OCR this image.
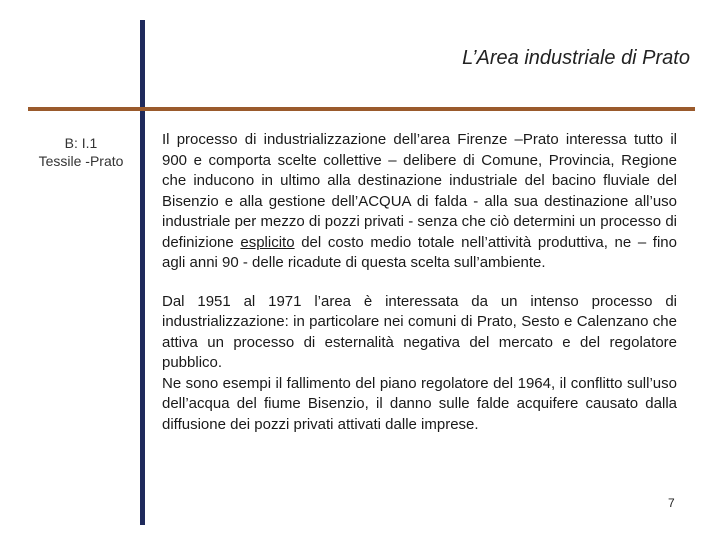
L’Area industriale di Prato
B: I.1
Tessile -Prato

Il processo di industrializzazione dell’area Firenze –Prato interessa tutto il 900 e comporta scelte collettive – delibere di Comune, Provincia, Regione che inducono in ultimo alla destinazione industriale del bacino fluviale del Bisenzio e alla gestione dell’ACQUA di falda - alla sua destinazione all’uso industriale per mezzo di pozzi privati - senza che ciò determini un processo di definizione esplicito del costo medio totale nell’attività produttiva, ne – fino agli anni 90 - delle ricadute di questa scelta sull’ambiente.

Dal 1951 al 1971 l’area è interessata da un intenso processo di industrializzazione: in particolare nei comuni di Prato, Sesto e Calenzano che attiva un processo di esternalità negativa del mercato e del regolatore pubblico.

Ne sono esempi il fallimento del piano regolatore del 1964, il conflitto sull’uso dell’acqua del fiume Bisenzio, il danno sulle falde acquifere causato dalla diffusione dei pozzi privati attivati dalle imprese.

7
